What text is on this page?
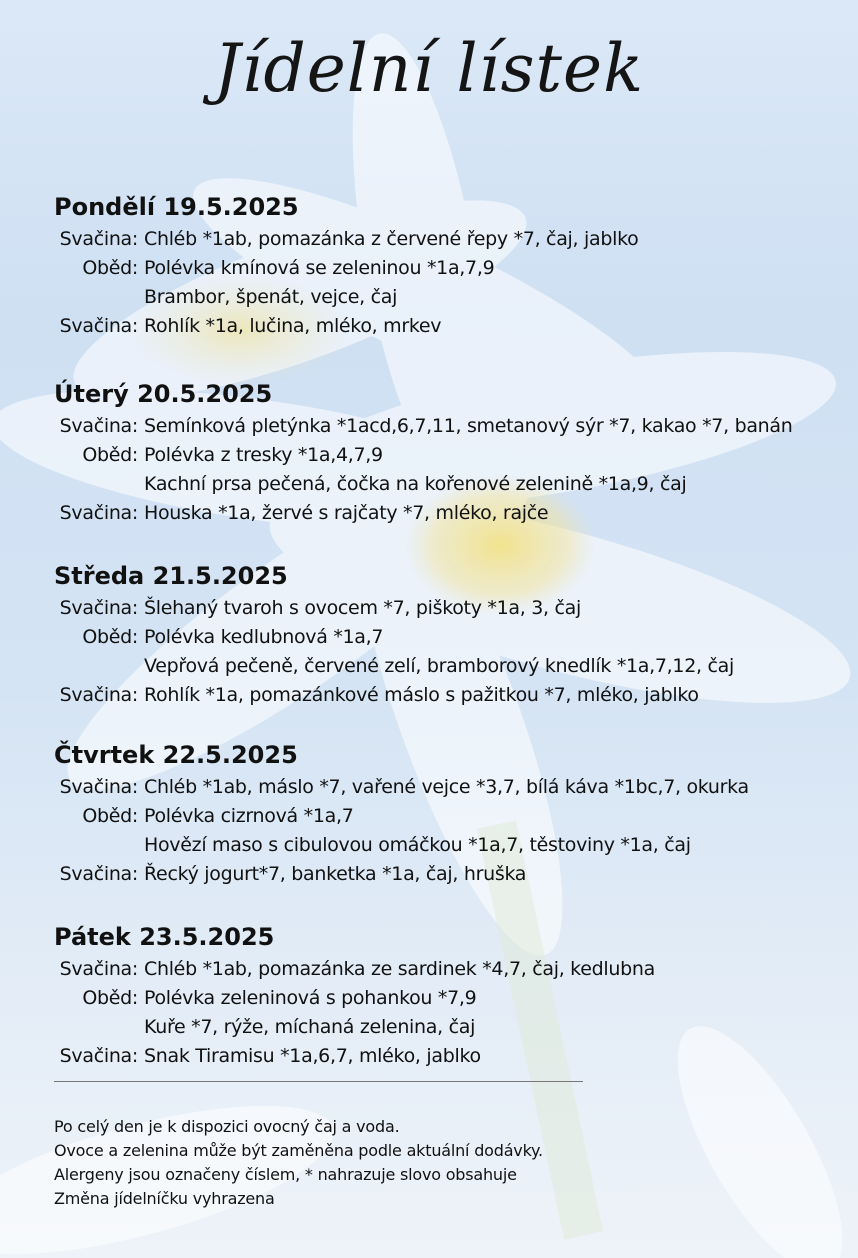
Jídelní lístek
Pondělí 19.5.2025
Svačina: Chléb *1ab, pomazánka z červené řepy *7, čaj, jablko
Oběd: Polévka kmínová se zeleninou *1a,7,9
Brambor, špenát, vejce, čaj
Svačina: Rohlík *1a, lučina, mléko, mrkev
Úterý 20.5.2025
Svačina: Semínková pletýnka *1acd,6,7,11, smetanový sýr *7, kakao *7, banán
Oběd: Polévka z tresky *1a,4,7,9
Kachní prsa pečená, čočka na kořenové zelenině *1a,9, čaj
Svačina: Houska *1a, žervé s rajčaty *7, mléko, rajče
Středa 21.5.2025
Svačina: Šlehaný tvaroh s ovocem *7, piškoty *1a, 3, čaj
Oběd: Polévka kedlubnová *1a,7
Vepřová pečeně, červené zelí, bramborový knedlík *1a,7,12, čaj
Svačina: Rohlík *1a, pomazánkové máslo s pažitkou *7, mléko, jablko
Čtvrtek 22.5.2025
Svačina: Chléb *1ab, máslo *7, vařené vejce *3,7, bílá káva *1bc,7, okurka
Oběd: Polévka cizrnová *1a,7
Hovězí maso s cibulovou omáčkou *1a,7, těstoviny *1a, čaj
Svačina: Řecký jogurt*7, banketka *1a, čaj, hruška
Pátek 23.5.2025
Svačina: Chléb *1ab, pomazánka ze sardinek *4,7, čaj, kedlubna
Oběd: Polévka zeleninová s pohankou *7,9
Kuře *7, rýže, míchaná zelenina, čaj
Svačina: Snak Tiramisu *1a,6,7, mléko, jablko
Po celý den je k dispozici ovocný čaj a voda.
Ovoce a zelenina může být zaměněna podle aktuální dodávky.
Alergeny jsou označeny číslem, * nahrazuje slovo obsahuje
Změna jídelníčku vyhrazena
